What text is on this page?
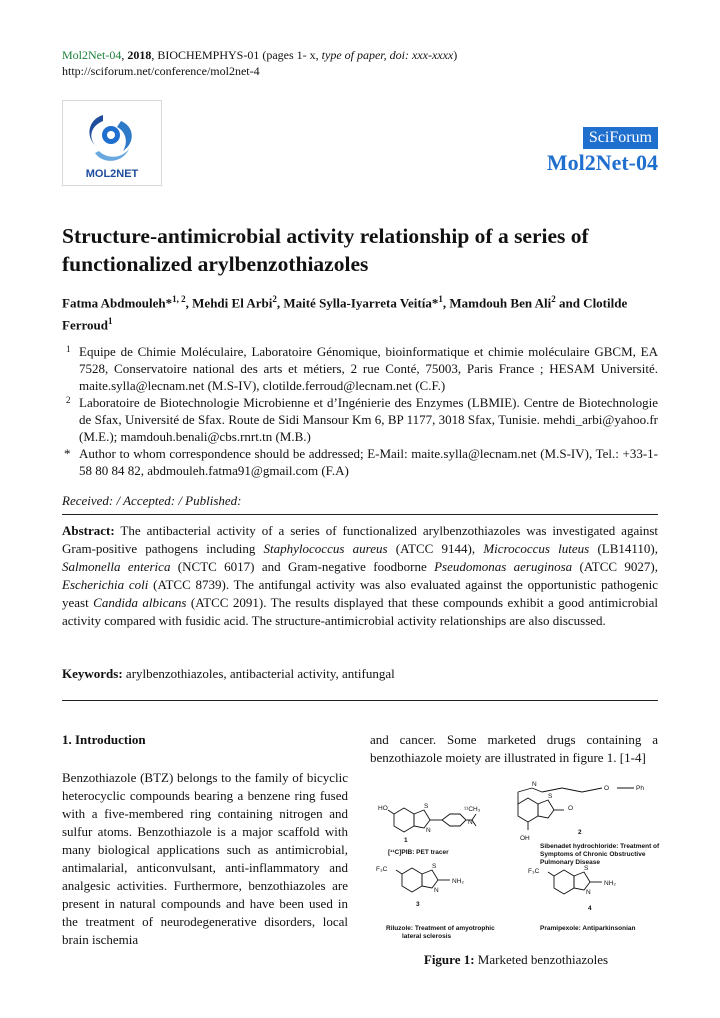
Mol2Net-04, 2018, BIOCHEMPHYS-01 (pages 1- x, type of paper, doi: xxx-xxxx)
http://sciforum.net/conference/mol2net-4
MOL2NET
SciForum
Mol2Net-04
Structure-antimicrobial activity relationship of a series of functionalized arylbenzothiazoles
Fatma Abdmouleh*$^{1, 2}$, Mehdi El Arbi$^2$, Maité Sylla-Iyarreta Veitía*$^1$, Mamdouh Ben Ali$^2$ and Clotilde Ferroud$^1$
1 Equipe de Chimie Moléculaire, Laboratoire Génomique, bioinformatique et chimie moléculaire GBCM, EA 7528, Conservatoire national des arts et métiers, 2 rue Conté, 75003, Paris France ; HESAM Université. maite.sylla@lecnam.net (M.S-IV), clotilde.ferroud@lecnam.net (C.F.)
2 Laboratoire de Biotechnologie Microbienne et d’Ingénierie des Enzymes (LBMIE). Centre de Biotechnologie de Sfax, Université de Sfax. Route de Sidi Mansour Km 6, BP 1177, 3018 Sfax, Tunisie. mehdi_arbi@yahoo.fr (M.E.); mamdouh.benali@cbs.rnrt.tn (M.B.)
* Author to whom correspondence should be addressed; E-Mail: maite.sylla@lecnam.net (M.S-IV), Tel.: +33-1-58 80 84 82, abdmouleh.fatma91@gmail.com (F.A)
Received: / Accepted: / Published:
Abstract: The antibacterial activity of a series of functionalized arylbenzothiazoles was investigated against Gram-positive pathogens including Staphylococcus aureus (ATCC 9144), Micrococcus luteus (LB14110), Salmonella enterica (NCTC 6017) and Gram-negative foodborne Pseudomonas aeruginosa (ATCC 9027), Escherichia coli (ATCC 8739). The antifungal activity was also evaluated against the opportunistic pathogenic yeast Candida albicans (ATCC 2091). The results displayed that these compounds exhibit a good antimicrobial activity compared with fusidic acid. The structure-antimicrobial activity relationships are also discussed.
Keywords: arylbenzothiazoles, antibacterial activity, antifungal
1. Introduction

Benzothiazole (BTZ) belongs to the family of bicyclic heterocyclic compounds bearing a benzene ring fused with a five-membered ring containing nitrogen and sulfur atoms. Benzothiazole is a major scaffold with many biological applications such as antimicrobial, antimalarial, anticonvulsant, anti-inflammatory and analgesic activities. Furthermore, benzothiazoles are present in natural compounds and have been used in the treatment of neurodegenerative disorders, local brain ischemia

and cancer. Some marketed drugs containing a benzothiazole moiety are illustrated in figure 1. [1-4]
HO	S
N
¹¹CH₃
N
1
[¹¹C]PIB: PET tracer
S
N
O
OH
O	Ph
2
Sibenadet hydrochloride: Treatment of
Symptoms of Chronic Obstructive
Pulmonary Disease
F₃C	S
N
NH₂
3
Riluzole: Treatment of amyotrophic
lateral sclerosis
F₃C	S
N
NH₂
4
Pramipexole: Antiparkinsonian
Figure 1: Marketed benzothiazoles
